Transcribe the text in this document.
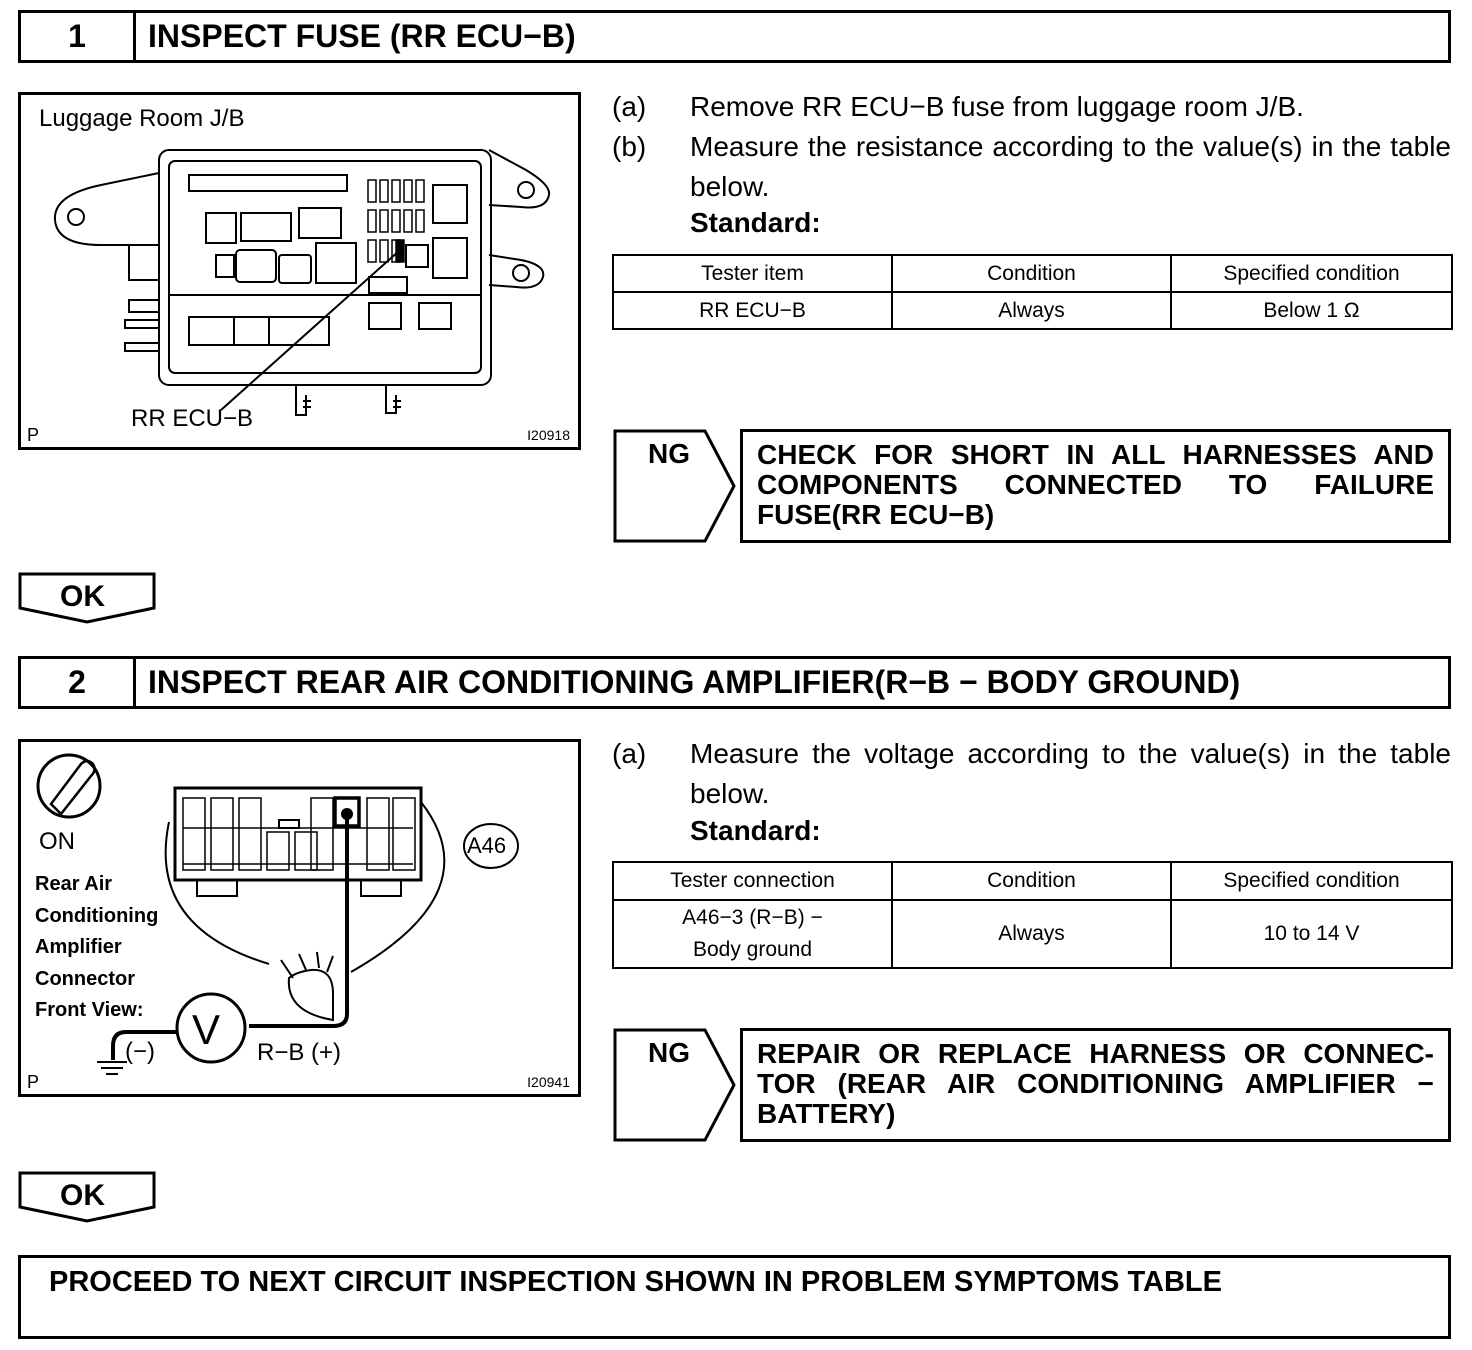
1	INSPECT FUSE (RR ECU−B)
Luggage Room J/B
RR ECU−B
P	I20918
(a) Remove RR ECU−B fuse from luggage room J/B.
(b) Measure the resistance according to the value(s) in the table below.
Standard:
Tester item	Condition	Specified condition
RR ECU−B	Always	Below 1 Ω
NG CHECK FOR SHORT IN ALL HARNESSES AND
COMPONENTS CONNECTED TO FAILURE
FUSE(RR ECU−B)
OK
2	INSPECT REAR AIR CONDITIONING AMPLIFIER(R−B − BODY GROUND)
ON	A46
Rear Air
Conditioning
Amplifier
Connector
Front View:	V
(−)	R−B (+)
P	I20941
(a) Measure the voltage according to the value(s) in the table below.
Standard:
Tester connection	Condition	Specified condition

A46−3 (R−B) −
Body ground	Always	10 to 14 V
NG REPAIR OR REPLACE HARNESS OR CONNEC-
TOR (REAR AIR CONDITIONING AMPLIFIER −
BATTERY)
OK
PROCEED TO NEXT CIRCUIT INSPECTION SHOWN IN PROBLEM SYMPTOMS TABLE
